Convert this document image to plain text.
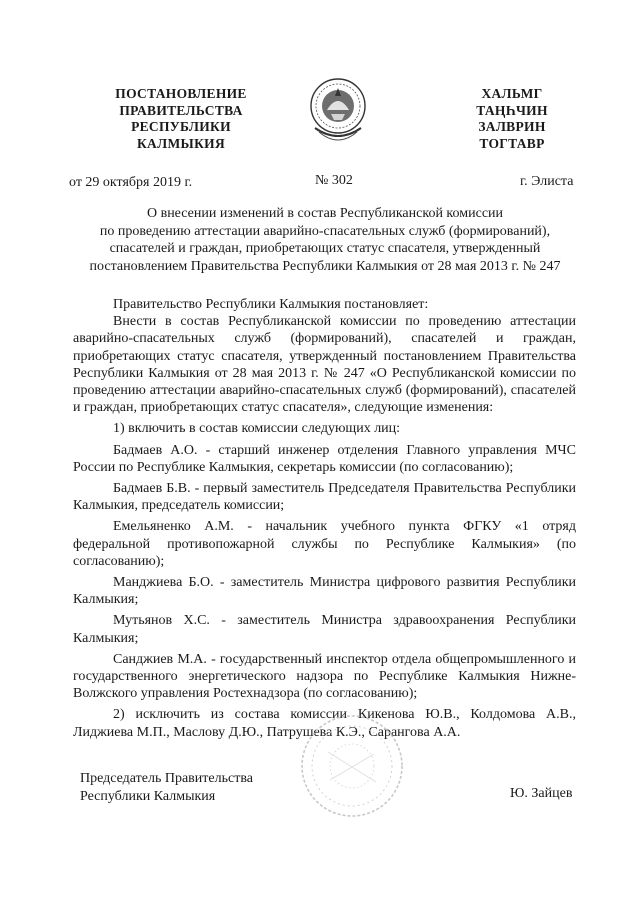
ПОСТАНОВЛЕНИЕ
ПРАВИТЕЛЬСТВА
РЕСПУБЛИКИ
КАЛМЫКИЯ
ХАЛЬМГ
ТАҢҺЧИН
ЗАЛВРИН
ТОГТАВР
от 29 октября 2019 г.	№ 302	г. Элиста
О внесении изменений в состав Республиканской комиссии
по проведению аттестации аварийно-спасательных служб (формирований),
спасателей и граждан, приобретающих статус спасателя, утвержденный
постановлением Правительства Республики Калмыкия от 28 мая 2013 г. № 247

Правительство Республики Калмыкия постановляет:

Внести в состав Республиканской комиссии по проведению аттестации аварийно-спасательных служб (формирований), спасателей и граждан, приобретающих статус спасателя, утвержденный постановлением Правительства Республики Калмыкия от 28 мая 2013 г. № 247 «О Республиканской комиссии по проведению аттестации аварийно-спасательных служб (формирований), спасателей и граждан, приобретающих статус спасателя», следующие изменения:

1) включить в состав комиссии следующих лиц:

Бадмаев А.О. - старший инженер отделения Главного управления МЧС России по Республике Калмыкия, секретарь комиссии (по согласованию);

Бадмаев Б.В. - первый заместитель Председателя Правительства Республики Калмыкия, председатель комиссии;

Емельяненко А.М. - начальник учебного пункта ФГКУ «1 отряд федеральной противопожарной службы по Республике Калмыкия» (по согласованию);

Манджиева Б.О. - заместитель Министра цифрового развития Республики Калмыкия;

Мутьянов Х.С. - заместитель Министра здравоохранения Республики Калмыкия;

Санджиев М.А. - государственный инспектор отдела общепромышленного и государственного энергетического надзора по Республике Калмыкия Нижне-Волжского управления Ростехнадзора (по согласованию);

2) исключить из состава комиссии Кикенова Ю.В., Колдомова А.В., Лиджиева М.П., Маслову Д.Ю., Патрушева К.Э., Сарангова А.А.

Председатель Правительства
Республики Калмыкия	Ю. Зайцев
